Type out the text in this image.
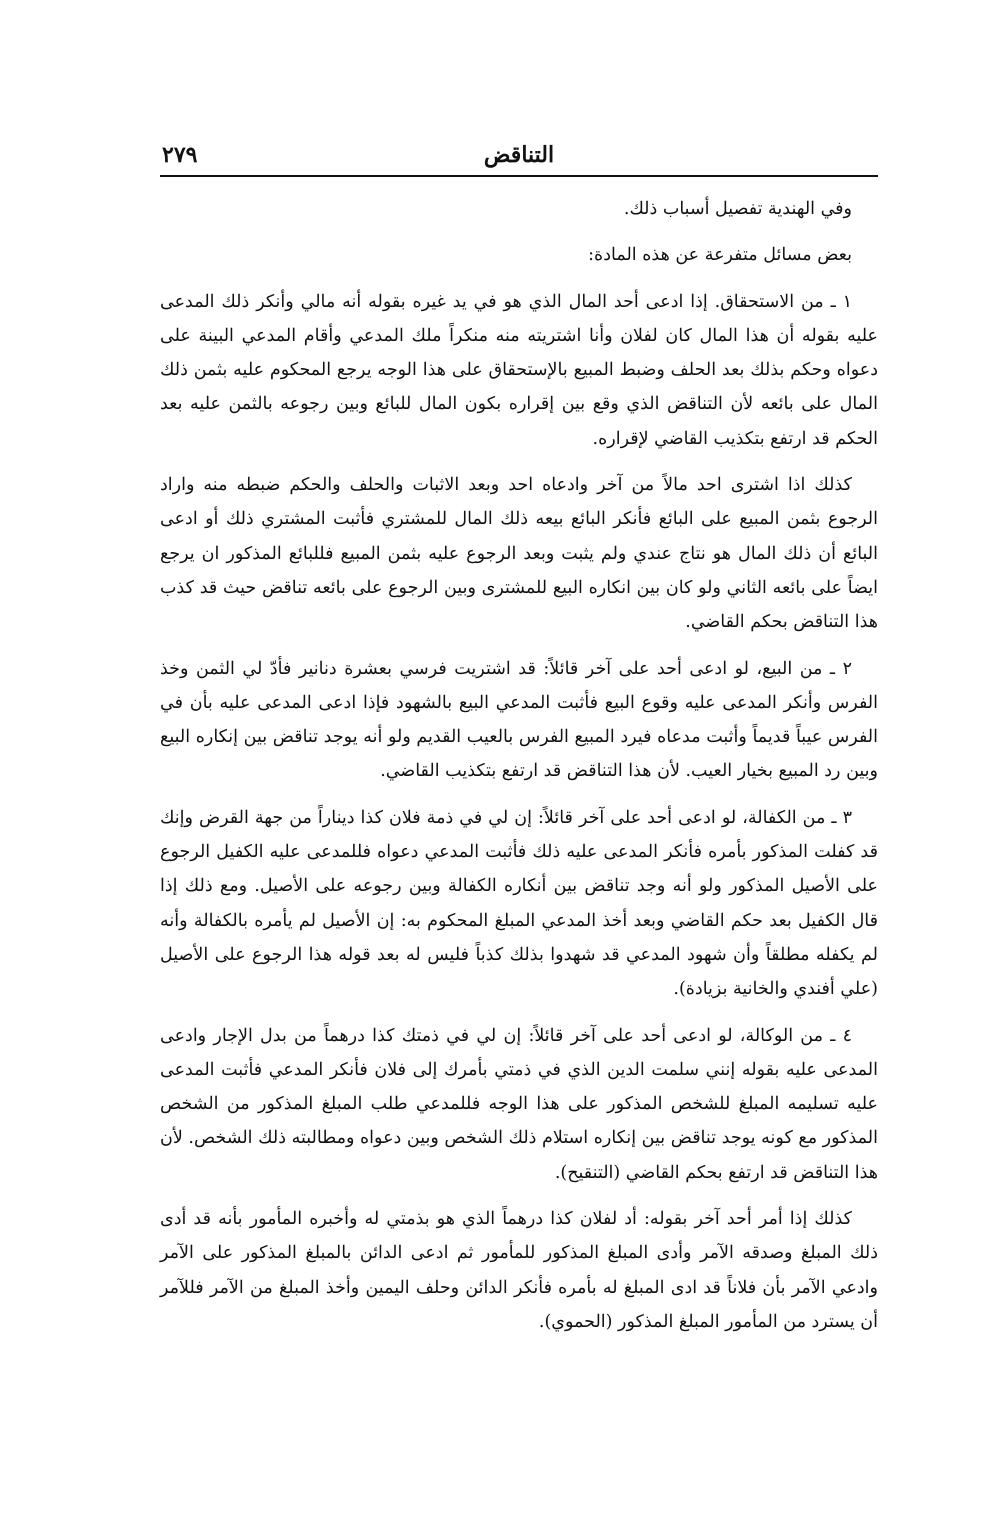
٢٧٩	التناقض

وفي الهندية تفصيل أسباب ذلك.

بعض مسائل متفرعة عن هذه المادة:

١ ـ من الاستحقاق. إذا ادعى أحد المال الذي هو في يد غيره بقوله أنه مالي وأنكر ذلك المدعى عليه بقوله أن هذا المال كان لفلان وأنا اشتريته منه منكراً ملك المدعي وأقام المدعي البينة على دعواه وحكم بذلك بعد الحلف وضبط المبيع بالإستحقاق على هذا الوجه يرجع المحكوم عليه بثمن ذلك المال على بائعه لأن التناقض الذي وقع بين إقراره بكون المال للبائع وبين رجوعه بالثمن عليه بعد الحكم قد ارتفع بتكذيب القاضي لإقراره.

كذلك اذا اشترى احد مالاً من آخر وادعاه احد وبعد الاثبات والحلف والحكم ضبطه منه واراد الرجوع بثمن المبيع على البائع فأنكر البائع بيعه ذلك المال للمشتري فأثبت المشتري ذلك أو ادعى البائع أن ذلك المال هو نتاج عندي ولم يثبت وبعد الرجوع عليه بثمن المبيع فللبائع المذكور ان يرجع ايضاً على بائعه الثاني ولو كان بين انكاره البيع للمشترى وبين الرجوع على بائعه تناقض حيث قد كذب هذا التناقض بحكم القاضي.

٢ ـ من البيع، لو ادعى أحد على آخر قائلاً: قد اشتريت فرسي بعشرة دنانير فأدّ لي الثمن وخذ الفرس وأنكر المدعى عليه وقوع البيع فأثبت المدعي البيع بالشهود فإذا ادعى المدعى عليه بأن في الفرس عيباً قديماً وأثبت مدعاه فيرد المبيع الفرس بالعيب القديم ولو أنه يوجد تناقض بين إنكاره البيع وبين رد المبيع بخيار العيب. لأن هذا التناقض قد ارتفع بتكذيب القاضي.

٣ ـ من الكفالة، لو ادعى أحد على آخر قائلاً: إن لي في ذمة فلان كذا ديناراً من جهة القرض وإنك قد كفلت المذكور بأمره فأنكر المدعى عليه ذلك فأثبت المدعي دعواه فللمدعى عليه الكفيل الرجوع على الأصيل المذكور ولو أنه وجد تناقض بين أنكاره الكفالة وبين رجوعه على الأصيل. ومع ذلك إذا قال الكفيل بعد حكم القاضي وبعد أخذ المدعي المبلغ المحكوم به: إن الأصيل لم يأمره بالكفالة وأنه لم يكفله مطلقاً وأن شهود المدعي قد شهدوا بذلك كذباً فليس له بعد قوله هذا الرجوع على الأصيل (علي أفندي والخانية بزيادة).

٤ ـ من الوكالة، لو ادعى أحد على آخر قائلاً: إن لي في ذمتك كذا درهماً من بدل الإجار وادعى المدعى عليه بقوله إنني سلمت الدين الذي في ذمتي بأمرك إلى فلان فأنكر المدعي فأثبت المدعى عليه تسليمه المبلغ للشخص المذكور على هذا الوجه فللمدعي طلب المبلغ المذكور من الشخص المذكور مع كونه يوجد تناقض بين إنكاره استلام ذلك الشخص وبين دعواه ومطالبته ذلك الشخص. لأن هذا التناقض قد ارتفع بحكم القاضي (التنقيح).

كذلك إذا أمر أحد آخر بقوله: أد لفلان كذا درهماً الذي هو بذمتي له وأخبره المأمور بأنه قد أدى ذلك المبلغ وصدقه الآمر وأدى المبلغ المذكور للمأمور ثم ادعى الدائن بالمبلغ المذكور على الآمر وادعي الآمر بأن فلاناً قد ادى المبلغ له بأمره فأنكر الدائن وحلف اليمين وأخذ المبلغ من الآمر فللآمر أن يسترد من المأمور المبلغ المذكور (الحموي).
